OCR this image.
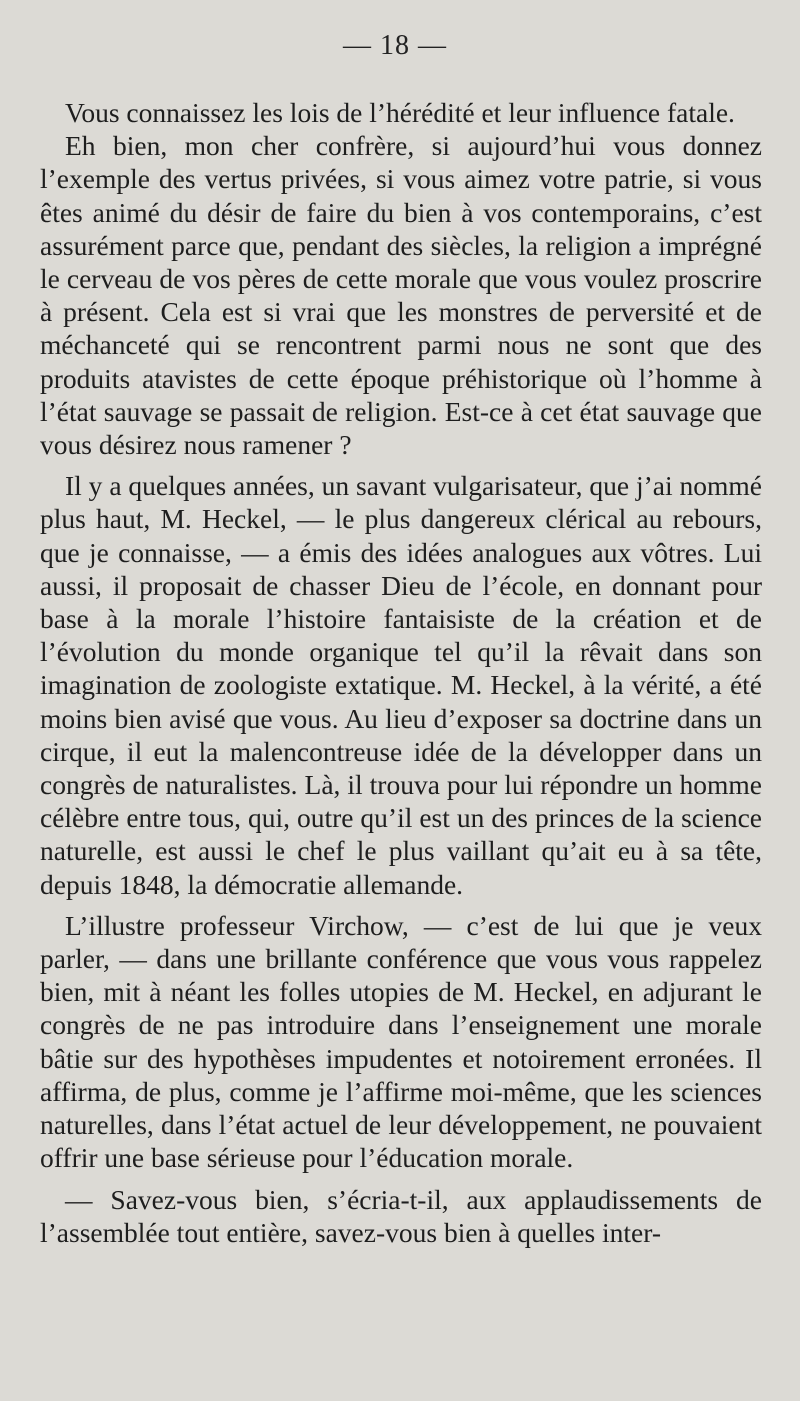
— 18 —

Vous connaissez les lois de l’hérédité et leur influence fatale.

Eh bien, mon cher confrère, si aujourd’hui vous donnez l’exemple des vertus privées, si vous aimez votre patrie, si vous êtes animé du désir de faire du bien à vos contemporains, c’est assurément parce que, pendant des siècles, la religion a imprégné le cerveau de vos pères de cette morale que vous voulez proscrire à présent. Cela est si vrai que les monstres de perversité et de méchanceté qui se rencontrent parmi nous ne sont que des produits atavistes de cette époque préhistorique où l’homme à l’état sauvage se passait de religion. Est-ce à cet état sauvage que vous désirez nous ramener ?

Il y a quelques années, un savant vulgarisateur, que j’ai nommé plus haut, M. Heckel, — le plus dangereux clérical au rebours, que je connaisse, — a émis des idées analogues aux vôtres. Lui aussi, il proposait de chasser Dieu de l’école, en donnant pour base à la morale l’histoire fantaisiste de la création et de l’évolution du monde organique tel qu’il la rêvait dans son imagination de zoologiste extatique. M. Heckel, à la vérité, a été moins bien avisé que vous. Au lieu d’exposer sa doctrine dans un cirque, il eut la malencontreuse idée de la développer dans un congrès de naturalistes. Là, il trouva pour lui répondre un homme célèbre entre tous, qui, outre qu’il est un des princes de la science naturelle, est aussi le chef le plus vaillant qu’ait eu à sa tête, depuis 1848, la démocratie allemande.

L’illustre professeur Virchow, — c’est de lui que je veux parler, — dans une brillante conférence que vous vous rappelez bien, mit à néant les folles utopies de M. Heckel, en adjurant le congrès de ne pas introduire dans l’enseignement une morale bâtie sur des hypothèses impudentes et notoirement erronées. Il affirma, de plus, comme je l’affirme moi-même, que les sciences naturelles, dans l’état actuel de leur développement, ne pouvaient offrir une base sérieuse pour l’éducation morale.

— Savez-vous bien, s’écria-t-il, aux applaudissements de l’assemblée tout entière, savez-vous bien à quelles inter-
